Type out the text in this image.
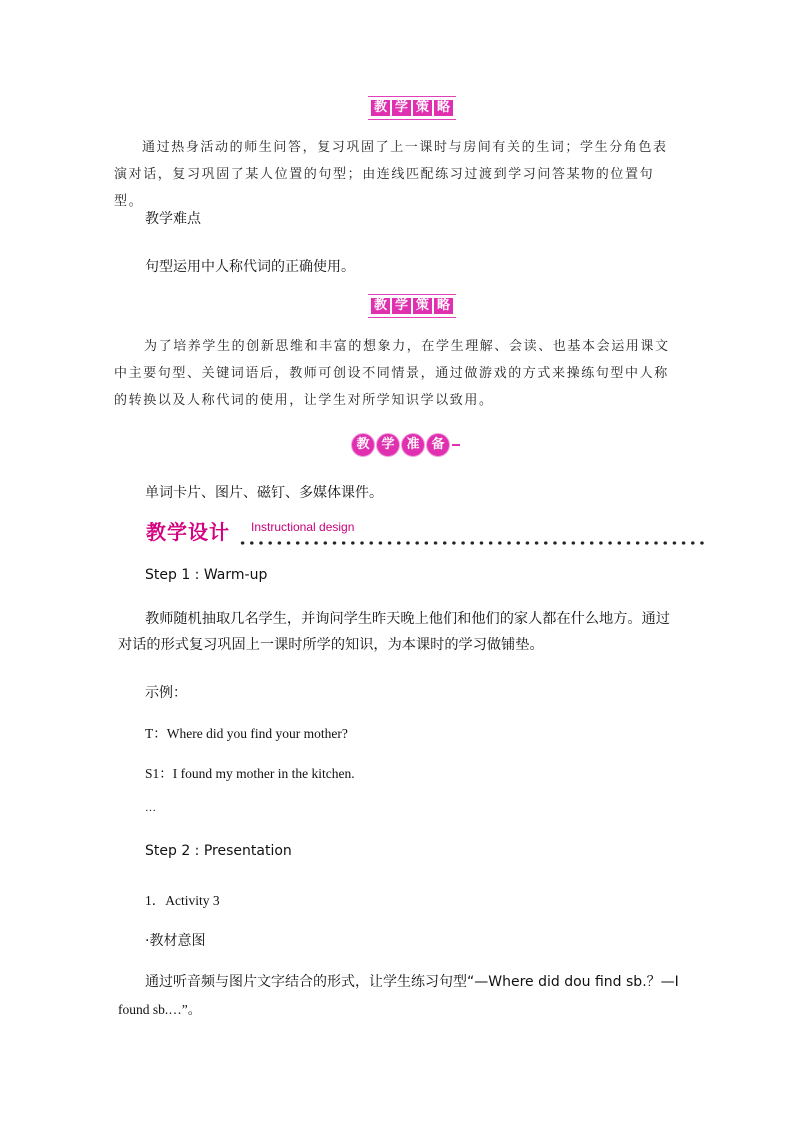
教 学 策 略
通过热身活动的师生问答，复习巩固了上一课时与房间有关的生词；学生分角色表演对话，复习巩固了某人位置的句型；由连线匹配练习过渡到学习问答某物的位置句型。
教学难点
句型运用中人称代词的正确使用。
教 学 策 略
为了培养学生的创新思维和丰富的想象力，在学生理解、会读、也基本会运用课文中主要句型、关键词语后，教师可创设不同情景，通过做游戏的方式来操练句型中人称的转换以及人称代词的使用，让学生对所学知识学以致用。
教 学 准 备
单词卡片、图片、磁钉、多媒体课件。
教学设计 Instructional design
Step 1 : Warm-up
教师随机抽取几名学生，并询问学生昨天晚上他们和他们的家人都在什么地方。通过对话的形式复习巩固上一课时所学的知识，为本课时的学习做铺垫。
示例：
T：Where did you find your mother?
S1：I found my mother in the kitchen.
…
Step 2 : Presentation
1．Activity 3
·教材意图
通过听音频与图片文字结合的形式，让学生练习句型“—Where did dou find sb.？—I
found sb.…”。
